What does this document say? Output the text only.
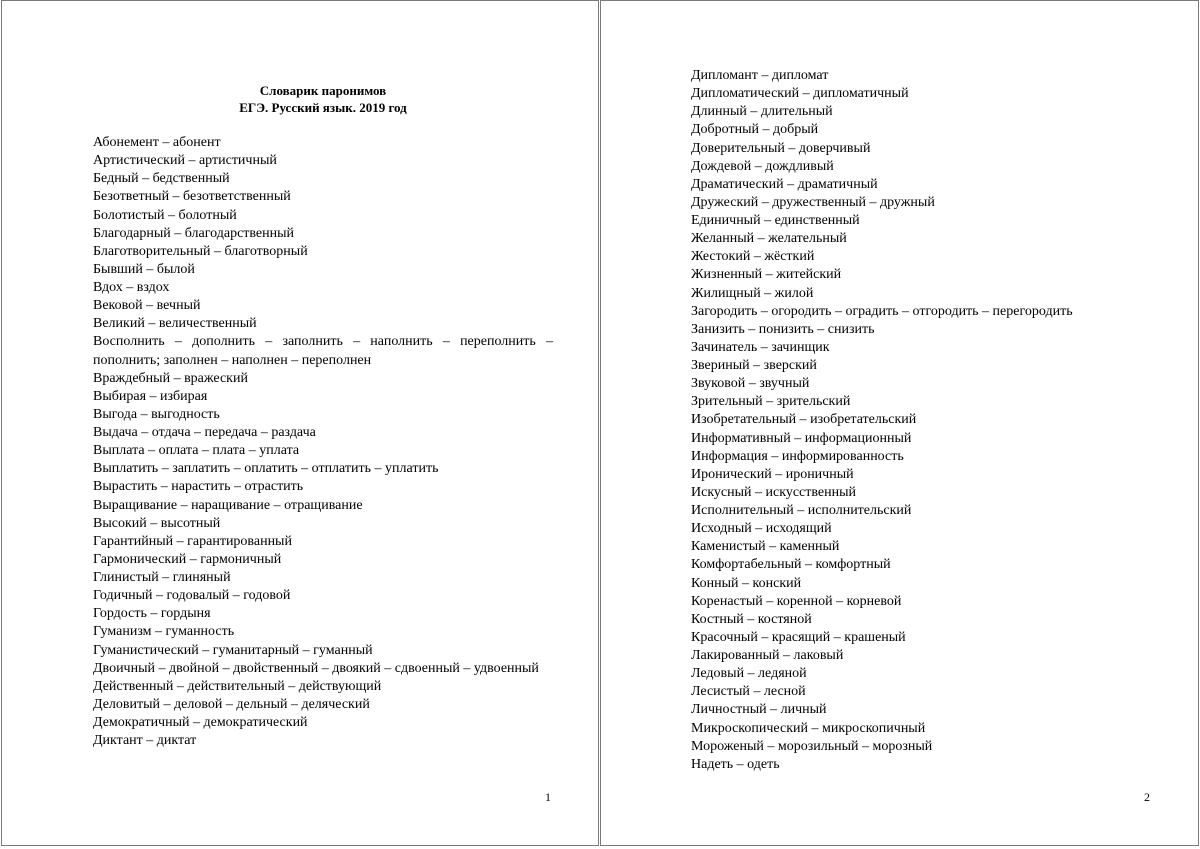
Словарик паронимов
ЕГЭ. Русский язык. 2019 год
Абонемент – абонент
Артистический – артистичный
Бедный – бедственный
Безответный – безответственный
Болотистый – болотный
Благодарный – благодарственный
Благотворительный – благотворный
Бывший – былой
Вдох – вздох
Вековой – вечный
Великий – величественный
Восполнить – дополнить – заполнить – наполнить – переполнить – пополнить; заполнен – наполнен – переполнен
Враждебный – вражеский
Выбирая – избирая
Выгода – выгодность
Выдача – отдача – передача – раздача
Выплата – оплата – плата – уплата
Выплатить – заплатить – оплатить – отплатить – уплатить
Вырастить – нарастить – отрастить
Выращивание – наращивание – отращивание
Высокий – высотный
Гарантийный – гарантированный
Гармонический – гармоничный
Глинистый – глиняный
Годичный – годовалый – годовой
Гордость – гордыня
Гуманизм – гуманность
Гуманистический – гуманитарный – гуманный
Двоичный – двойной – двойственный – двоякий – сдвоенный – удвоенный
Действенный – действительный – действующий
Деловитый – деловой – дельный – деляческий
Демократичный – демократический
Диктант – диктат
1
Дипломант – дипломат
Дипломатический – дипломатичный
Длинный – длительный
Добротный – добрый
Доверительный – доверчивый
Дождевой – дождливый
Драматический – драматичный
Дружеский – дружественный – дружный
Единичный – единственный
Желанный – желательный
Жестокий – жёсткий
Жизненный – житейский
Жилищный – жилой
Загородить – огородить – оградить – отгородить – перегородить
Занизить – понизить – снизить
Зачинатель – зачинщик
Звериный – зверский
Звуковой – звучный
Зрительный – зрительский
Изобретательный – изобретательский
Информативный – информационный
Информация – информированность
Иронический – ироничный
Искусный – искусственный
Исполнительный – исполнительский
Исходный – исходящий
Каменистый – каменный
Комфортабельный – комфортный
Конный – конский
Коренастый – коренной – корневой
Костный – костяной
Красочный – красящий – крашеный
Лакированный – лаковый
Ледовый – ледяной
Лесистый – лесной
Личностный – личный
Микроскопический – микроскопичный
Мороженый – морозильный – морозный
Надеть – одеть
2
